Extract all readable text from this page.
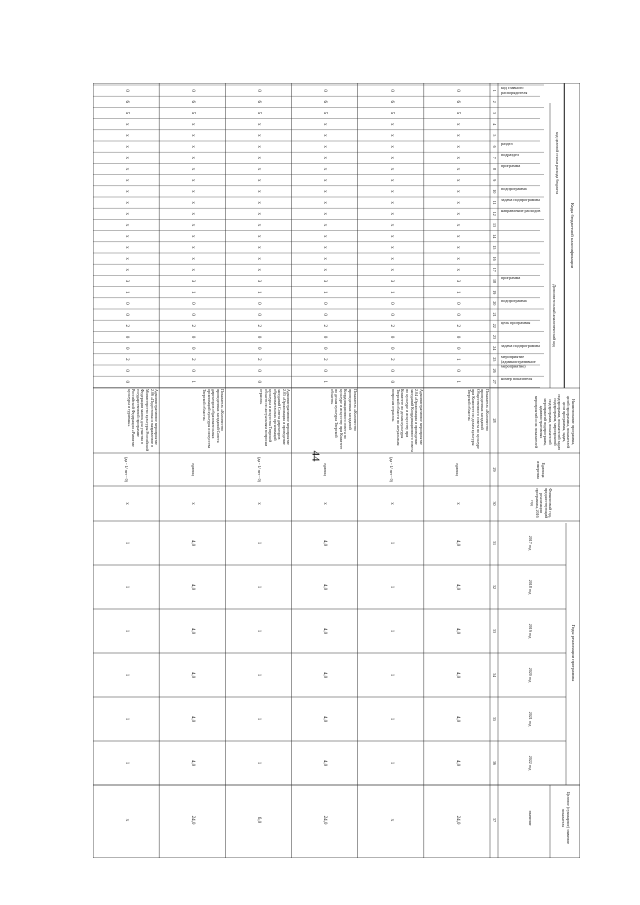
44
Коды бюджетной классификации
код целевой статьи расхода бюджета
Дополнительный аналитический код
Наименование программы, целей программы, показателей цели программы, задач, подпрограмм, показателей задач подпрограмм, мероприятий подпрограмм, показателей мероприятий подпрограмм, административных мероприятий и их показателей
Единица измерения
Финансовый год, предшествующий реализации программы, 2016 год
Годы реализации программы
Целевое (суммарное) значение показателя
значение
2017 год
2018 год
2019 год
2020 год
2021 год
2022 год
код главного распорядителя
раздел
подраздел
программа
подпрограмма
задача подпрограммы
направление расходов
программа
подпрограмма
цель программы
задача подпрограммы
мероприятие (административное мероприятие)
номер показателя
1
2
3
4
5
6
7
8
9
10
11
12
13
14
15
16
17
18
19
20
21
22
23
24
25
26
27
28
29
30
31
32
33
34
35
36
37
0
6
5
х
х
х
х
х
х
х
х
х
х
х
х
х
х
3
1
0
0
2
0
0
1
0
1
Показатель «Количество проведенных заседаний Общественного совета по культуре при Комитете по делам культуры Тверской области»
единиц
х
4,0
4,0
4,0
4,0
4,0
4,0
24,0
0
6
5
х
х
х
х
х
х
х
х
х
х
х
х
х
х
3
1
0
0
2
0
0
2
0
0
Административное мероприятие 2.04 «Организация и проведение заседаний Координационного совета по культуре и искусству при Комитете по делам культуры Тверской области по актуальным вопросам отрасли»
(да - 1/ нет - 0)
х
1
1
1
1
1
1
х
0
6
5
х
х
х
х
х
х
х
х
х
х
х
х
х
х
3
1
0
0
2
0
0
2
0
1
Показатель «Количество проведенных заседаний Координационного совета по культуре и искусству при Комитете по делам культуры Тверской области»
единиц
х
4,0
4,0
4,0
4,0
4,0
4,0
24,0
0
6
5
х
х
х
х
х
х
х
х
х
х
х
х
х
х
3
1
0
0
2
0
0
2
0
0
Административное мероприятие 2.05 «Организация и проведение заседаний Совета директоров образовательных организаций культуры и искусства Тверской области по актуальным вопросам отрасли»
(да - 1/ нет - 0)
х
1
1
1
1
1
1
6,0
0
6
5
х
х
х
х
х
х
х
х
х
х
х
х
х
х
3
1
0
0
2
0
0
2
0
1
Показатель «Количество проведенных заседаний Совета директоров образовательных организаций культуры и искусства Тверской области»
единиц
х
4,0
4,0
4,0
4,0
4,0
4,0
24,0
0
6
5
х
х
х
х
х
х
х
х
х
х
х
х
х
х
3
1
0
0
2
0
0
2
0
0
Административное мероприятие 2.06 «Подготовка и направление в Министерство культуры Российской Федерации заявок для участия в государственной программе Российской Федерации «Развитие культуры и туризма»»
(да - 1/ нет - 0)
х
1
1
1
1
1
1
х
